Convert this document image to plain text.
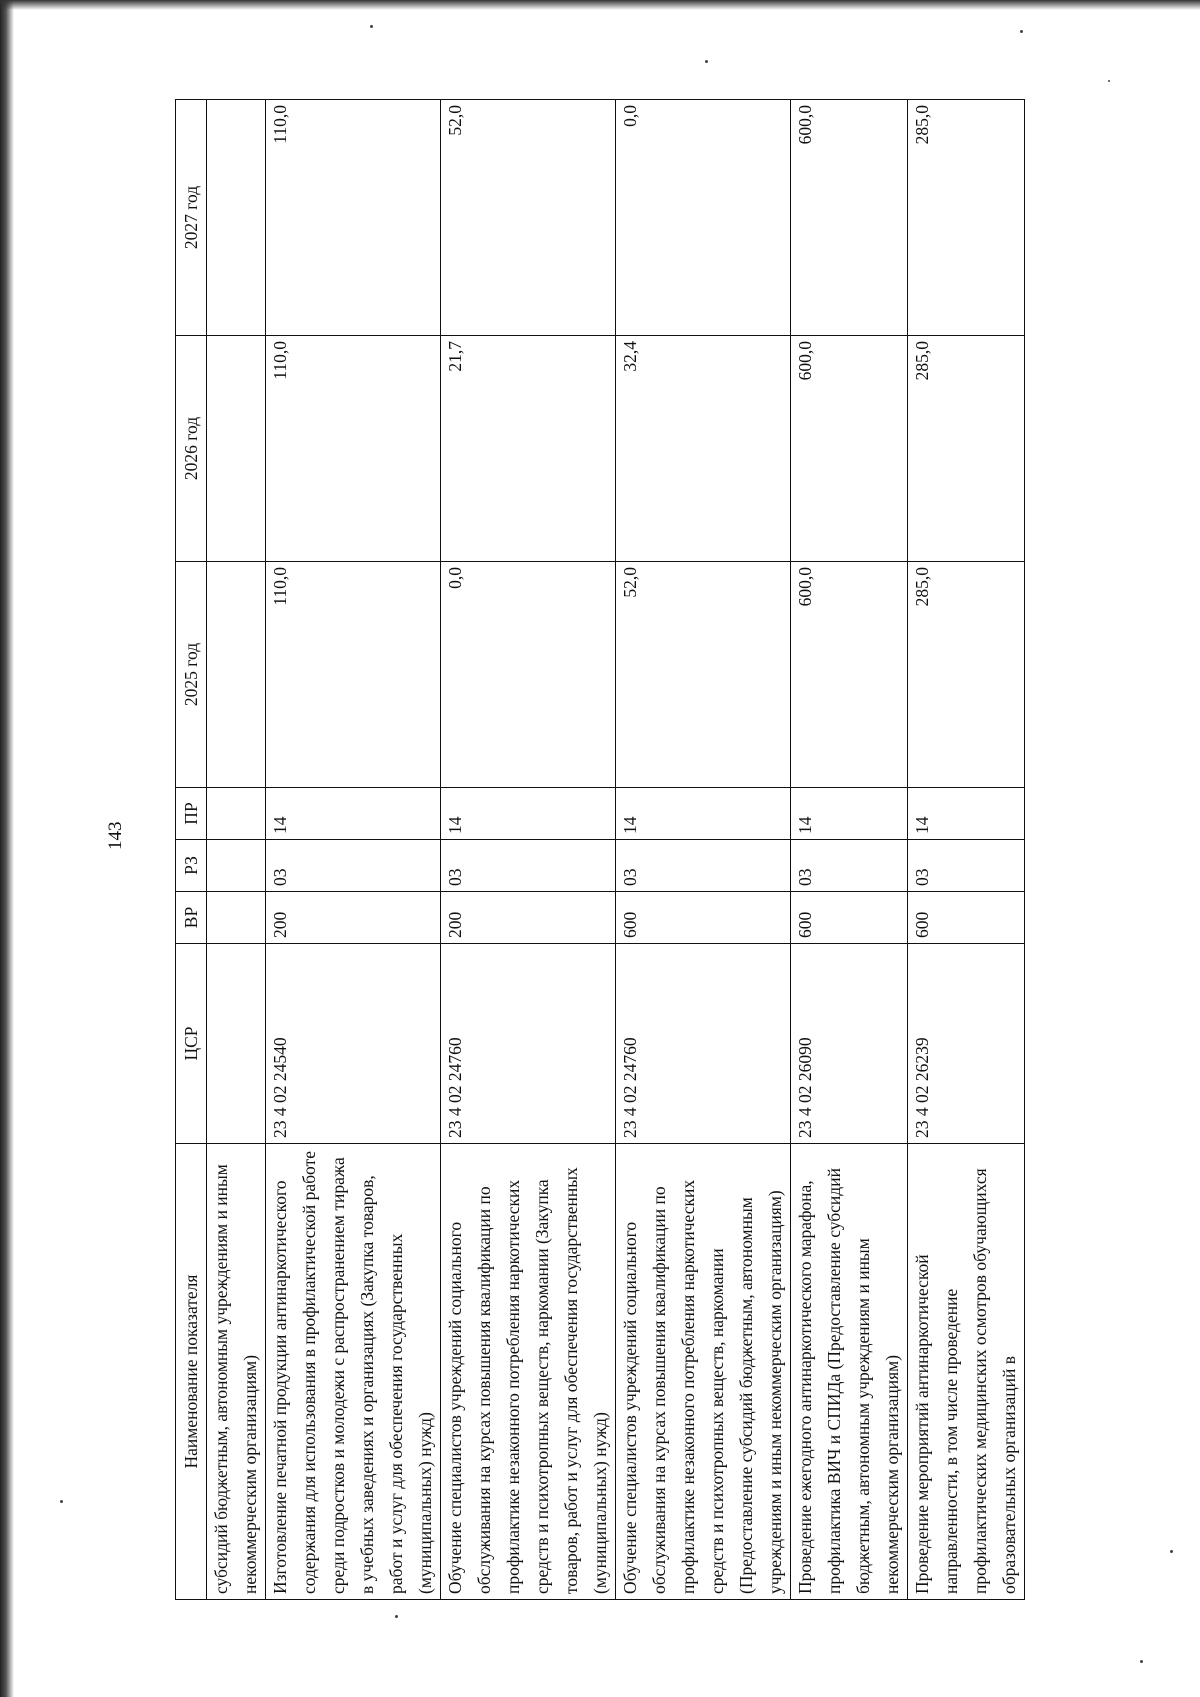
143
Наименование показателя	ЦСР	ВР	РЗ	ПР	2025 год	2026 год	2027 год
субсидий бюджетным, автономным учреждениям и иным некоммерческим организациям)							
Изготовление печатной продукции антинаркотического содержания для использования в профилактической работе среди подростков и молодежи с распространением тиража в учебных заведениях и организациях (Закупка товаров, работ и услуг для обеспечения государственных (муниципальных) нужд)	23 4 02 24540	200	03	14	110,0	110,0	110,0
Обучение специалистов учреждений социального обслуживания на курсах повышения квалификации по профилактике незаконного потребления наркотических средств и психотропных веществ, наркомании (Закупка товаров, работ и услуг для обеспечения государственных (муниципальных) нужд)	23 4 02 24760	200	03	14	0,0	21,7	52,0
Обучение специалистов учреждений социального обслуживания на курсах повышения квалификации по профилактике незаконного потребления наркотических средств и психотропных веществ, наркомании (Предоставление субсидий бюджетным, автономным учреждениям и иным некоммерческим организациям)	23 4 02 24760	600	03	14	52,0	32,4	0,0
Проведение ежегодного антинаркотического марафона, профилактика ВИЧ и СПИДа (Предоставление субсидий бюджетным, автономным учреждениям и иным некоммерческим организациям)	23 4 02 26090	600	03	14	600,0	600,0	600,0
Проведение мероприятий антинаркотической направленности, в том числе проведение профилактических медицинских осмотров обучающихся образовательных организаций в	23 4 02 26239	600	03	14	285,0	285,0	285,0
